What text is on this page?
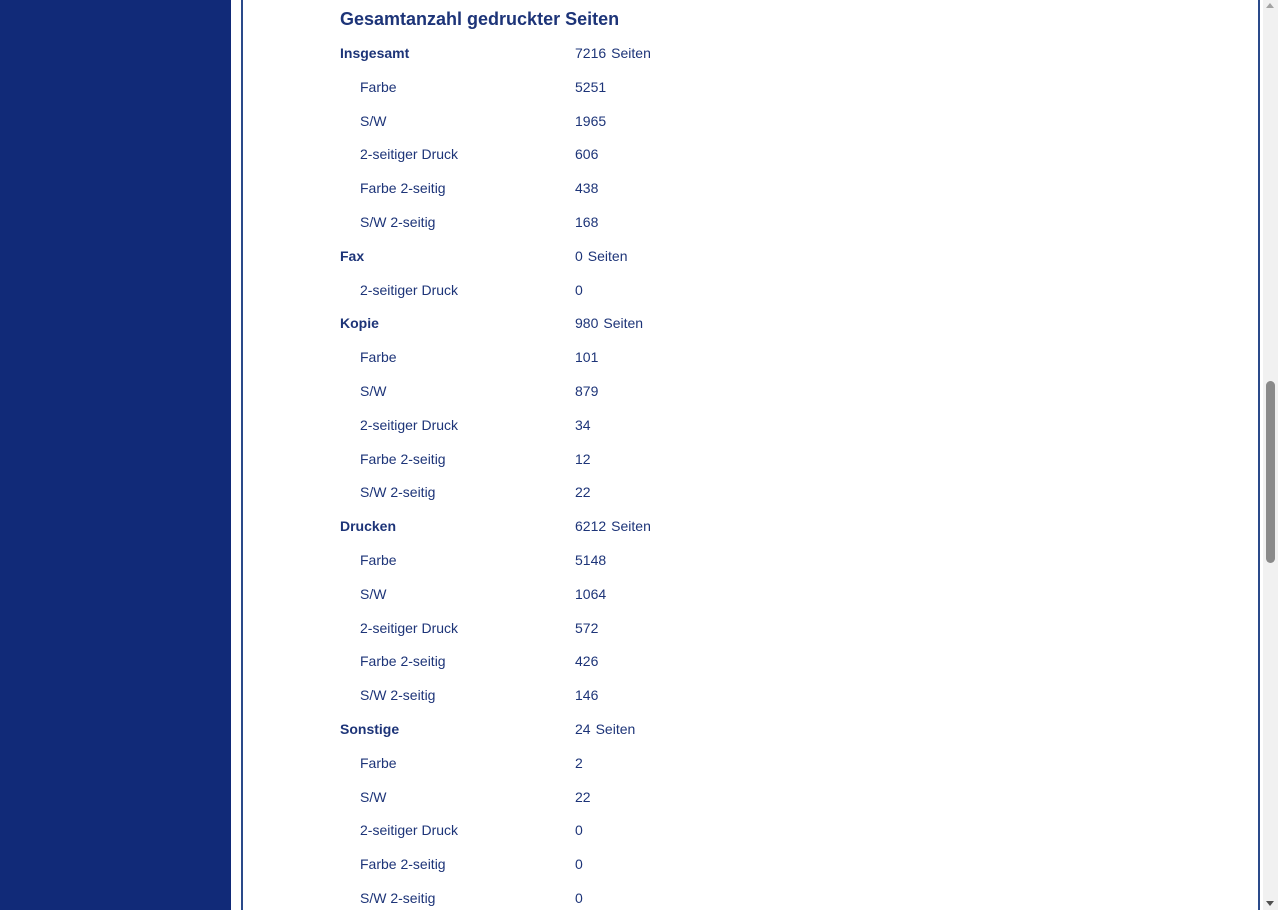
Gesamtanzahl gedruckter Seiten
Insgesamt	7216 Seiten
Farbe	5251
S/W	1965
2-seitiger Druck	606
Farbe 2-seitig	438
S/W 2-seitig	168
Fax	0 Seiten
2-seitiger Druck	0
Kopie	980 Seiten
Farbe	101
S/W	879
2-seitiger Druck	34
Farbe 2-seitig	12
S/W 2-seitig	22
Drucken	6212 Seiten
Farbe	5148
S/W	1064
2-seitiger Druck	572
Farbe 2-seitig	426
S/W 2-seitig	146
Sonstige	24 Seiten
Farbe	2
S/W	22
2-seitiger Druck	0
Farbe 2-seitig	0
S/W 2-seitig	0
